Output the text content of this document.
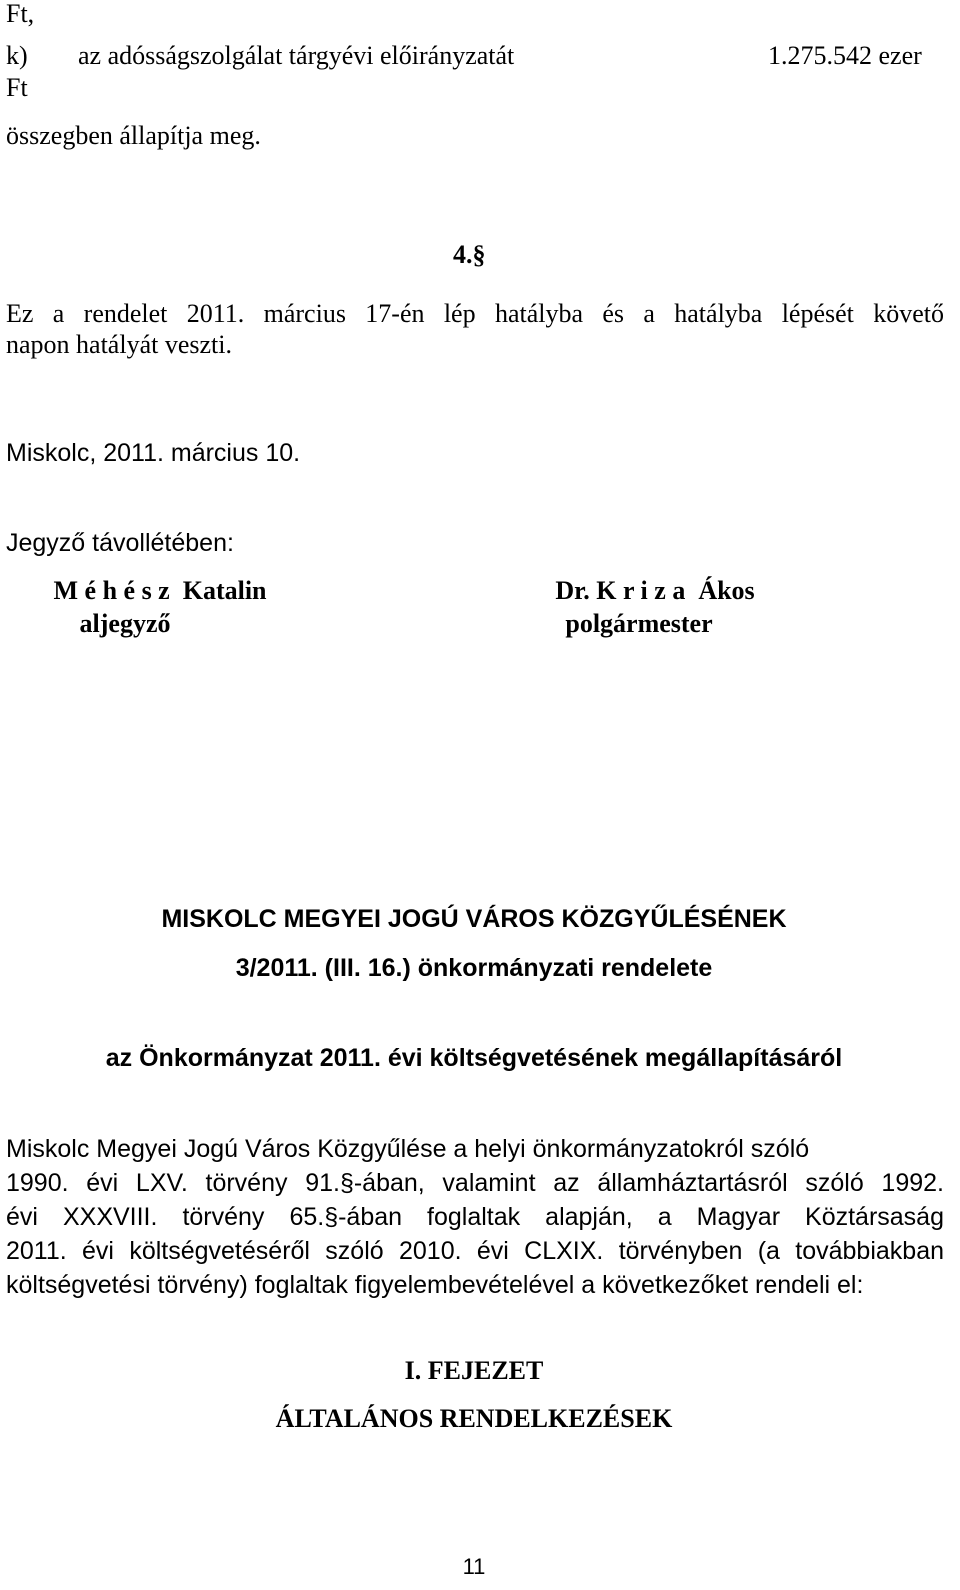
Ft,
k) az adósságszolgálat tárgyévi előirányzatát	1.275.542 ezer
Ft
összegben állapítja meg.
4.§
Ez a rendelet 2011. március 17-én lép hatályba és a hatályba lépését követő
napon hatályát veszti.
Miskolc, 2011. március 10.
Jegyző távollétében:
M é h é s z  Katalin
aljegyző
Dr. K r i z a  Ákos
polgármester
MISKOLC MEGYEI JOGÚ VÁROS KÖZGYŰLÉSÉNEK
3/2011. (III. 16.) önkormányzati rendelete
az Önkormányzat 2011. évi költségvetésének megállapításáról
Miskolc Megyei Jogú Város Közgyűlése a helyi önkormányzatokról szóló
1990. évi LXV. törvény 91.§-ában, valamint az államháztartásról szóló 1992.
évi XXXVIII. törvény 65.§-ában foglaltak alapján, a Magyar Köztársaság
2011. évi költségvetéséről szóló 2010. évi CLXIX. törvényben (a továbbiakban
költségvetési törvény) foglaltak figyelembevételével a következőket rendeli el:
I. FEJEZET
ÁLTALÁNOS RENDELKEZÉSEK
11
